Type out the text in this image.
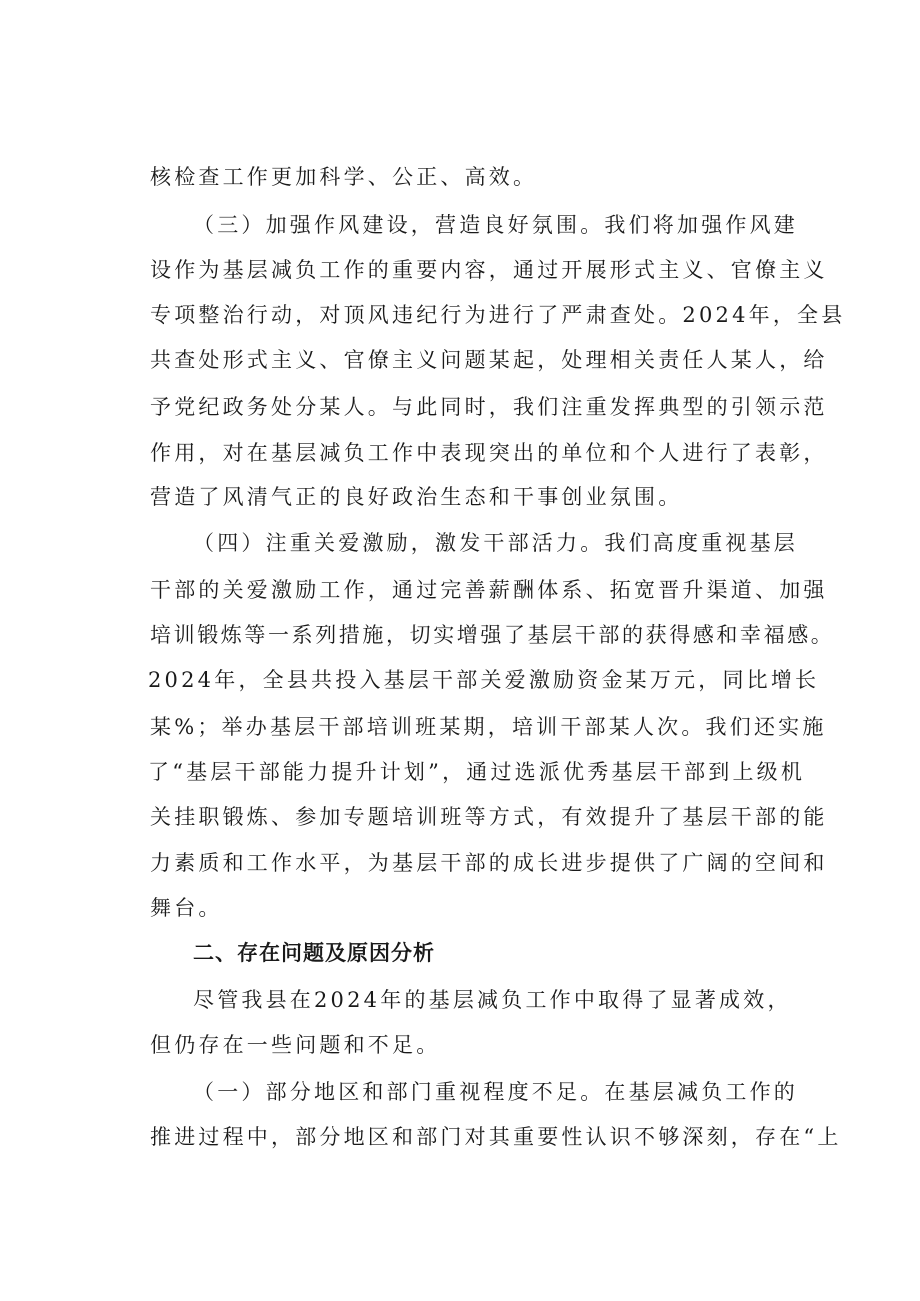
核检查工作更加科学、公正、高效。
（三）加强作风建设，营造良好氛围。我们将加强作风建
设作为基层减负工作的重要内容，通过开展形式主义、官僚主义
专项整治行动，对顶风违纪行为进行了严肃查处。2024年，全县
共查处形式主义、官僚主义问题某起，处理相关责任人某人，给
予党纪政务处分某人。与此同时，我们注重发挥典型的引领示范
作用，对在基层减负工作中表现突出的单位和个人进行了表彰，
营造了风清气正的良好政治生态和干事创业氛围。
（四）注重关爱激励，激发干部活力。我们高度重视基层
干部的关爱激励工作，通过完善薪酬体系、拓宽晋升渠道、加强
培训锻炼等一系列措施，切实增强了基层干部的获得感和幸福感。
2024年，全县共投入基层干部关爱激励资金某万元，同比增长
某%；举办基层干部培训班某期，培训干部某人次。我们还实施
了“基层干部能力提升计划”，通过选派优秀基层干部到上级机
关挂职锻炼、参加专题培训班等方式，有效提升了基层干部的能
力素质和工作水平，为基层干部的成长进步提供了广阔的空间和
舞台。
二、存在问题及原因分析
尽管我县在2024年的基层减负工作中取得了显著成效，
但仍存在一些问题和不足。
（一）部分地区和部门重视程度不足。在基层减负工作的
推进过程中，部分地区和部门对其重要性认识不够深刻，存在“上
